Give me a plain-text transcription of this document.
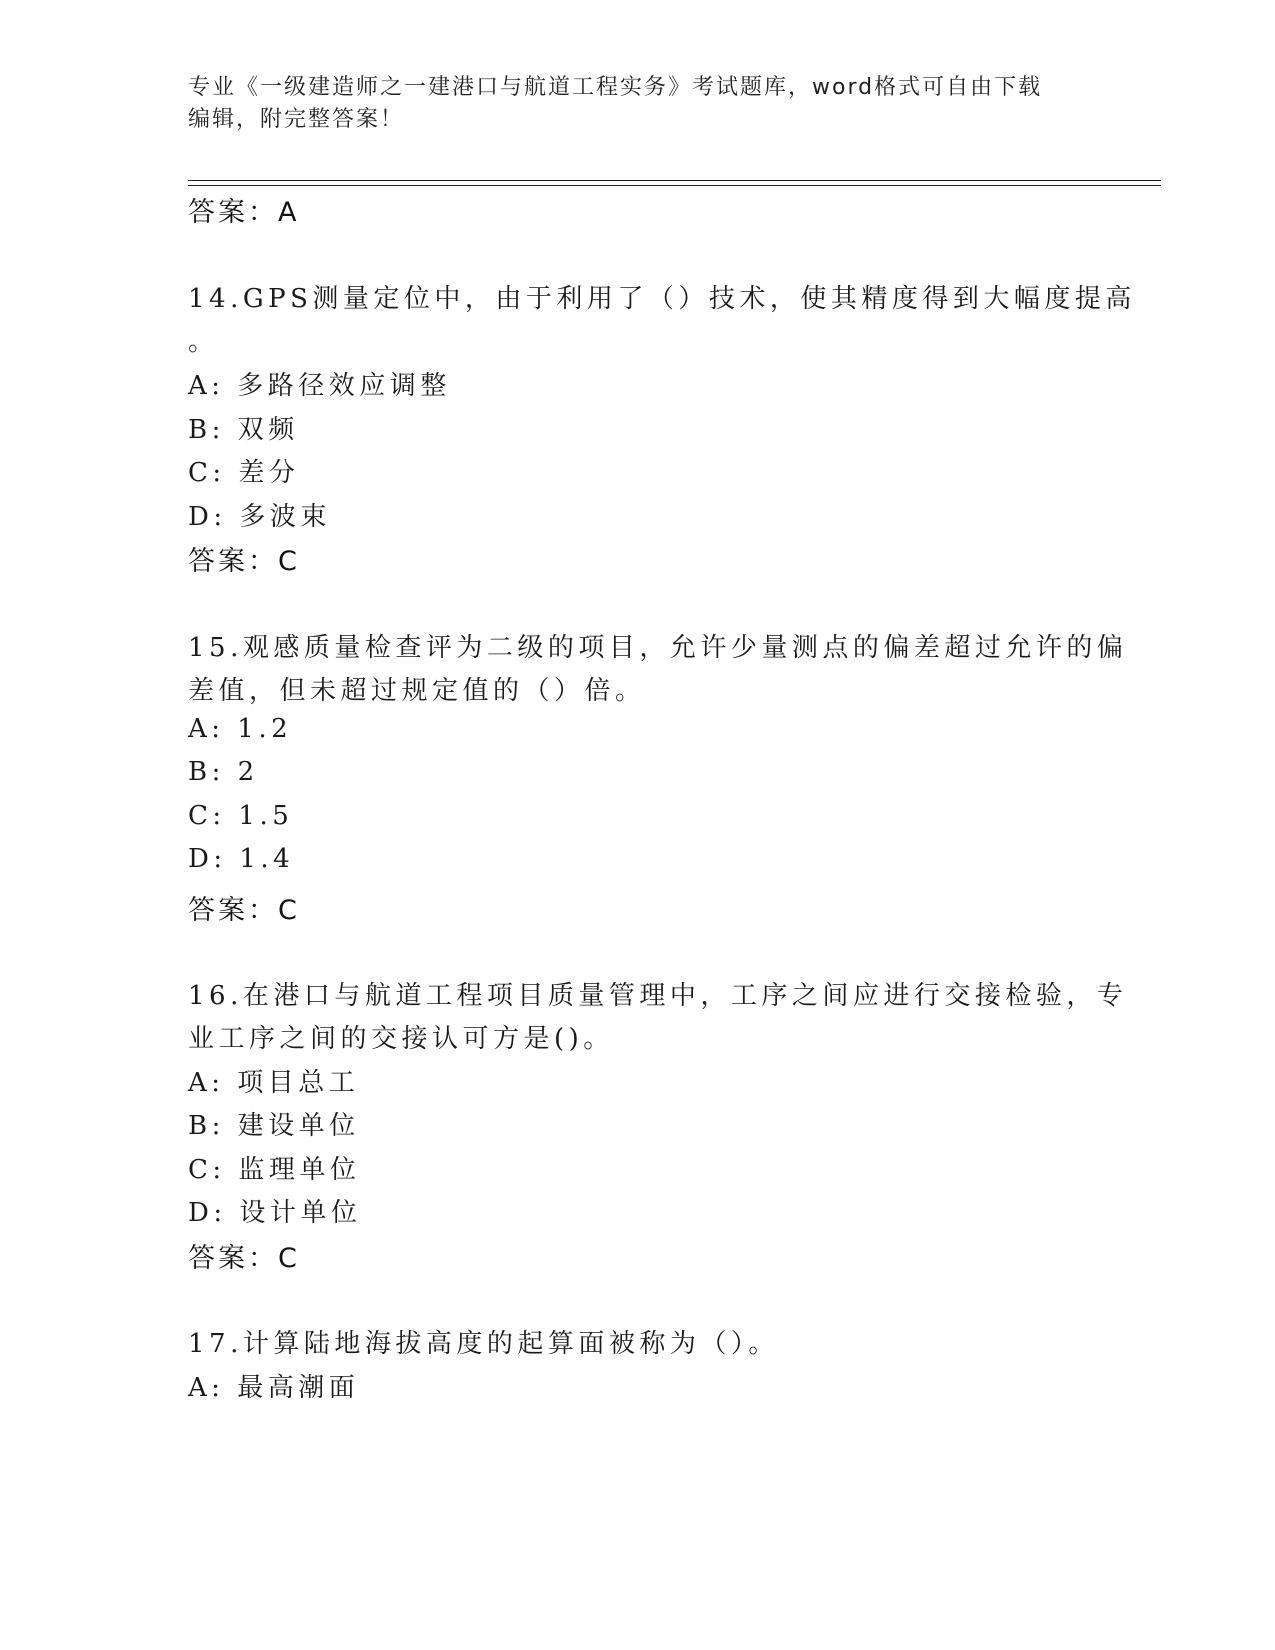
专业《一级建造师之一建港口与航道工程实务》考试题库，word格式可自由下载
编辑，附完整答案！
答案：A
14.GPS测量定位中，由于利用了（）技术，使其精度得到大幅度提高
。
A: 多路径效应调整
B: 双频
C: 差分
D: 多波束
答案：C
15.观感质量检查评为二级的项目，允许少量测点的偏差超过允许的偏
差值，但未超过规定值的（）倍。
A: 1.2
B: 2
C: 1.5
D: 1.4
答案：C
16.在港口与航道工程项目质量管理中，工序之间应进行交接检验，专
业工序之间的交接认可方是()。
A: 项目总工
B: 建设单位
C: 监理单位
D: 设计单位
答案：C
17.计算陆地海拔高度的起算面被称为（）。
A: 最高潮面
